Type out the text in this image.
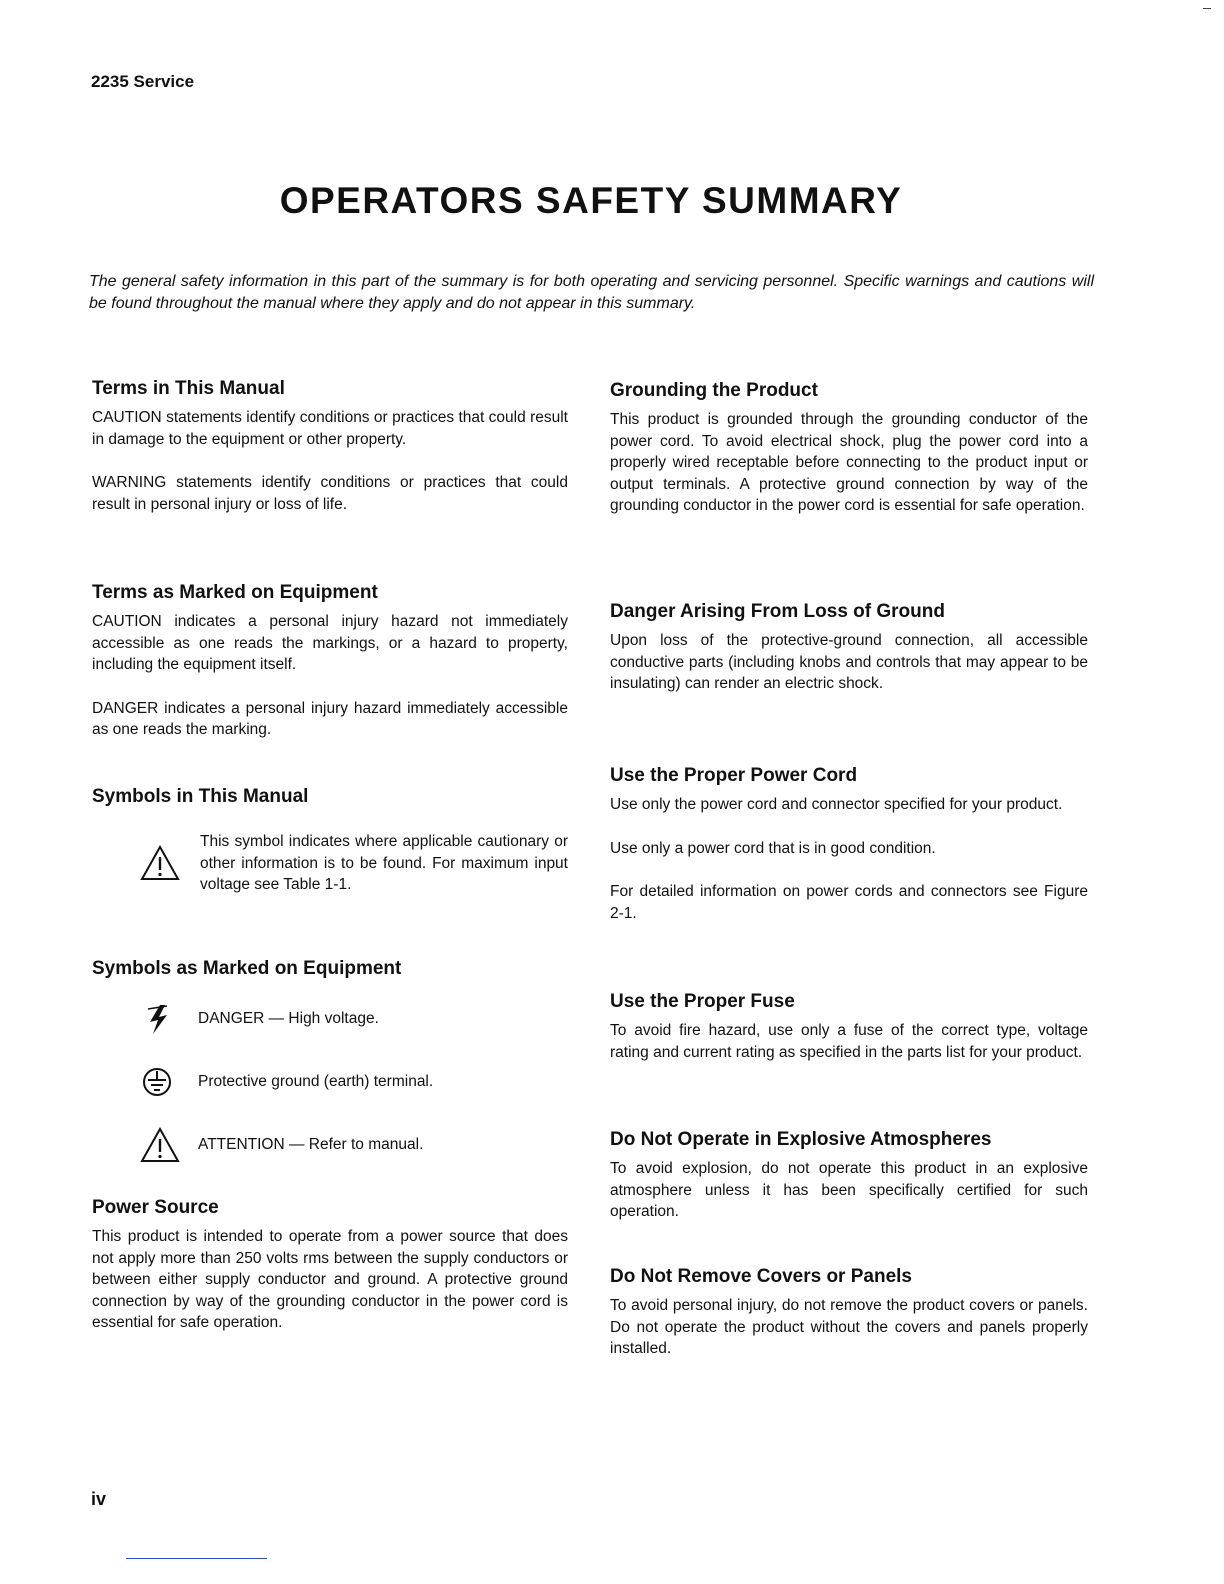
2235 Service
OPERATORS SAFETY SUMMARY
The general safety information in this part of the summary is for both operating and servicing personnel. Specific warnings and cautions will be found throughout the manual where they apply and do not appear in this summary.
Terms in This Manual

CAUTION statements identify conditions or practices that could result in damage to the equipment or other property.

WARNING statements identify conditions or practices that could result in personal injury or loss of life.

Terms as Marked on Equipment

CAUTION indicates a personal injury hazard not immediately accessible as one reads the markings, or a hazard to property, including the equipment itself.

DANGER indicates a personal injury hazard immediately accessible as one reads the marking.

Symbols in This Manual

This symbol indicates where applicable cautionary or other information is to be found. For maximum input voltage see Table 1-1.

Symbols as Marked on Equipment

DANGER — High voltage.

Protective ground (earth) terminal.

ATTENTION — Refer to manual.

Power Source

This product is intended to operate from a power source that does not apply more than 250 volts rms between the supply conductors or between either supply conductor and ground. A protective ground connection by way of the grounding conductor in the power cord is essential for safe operation.

Grounding the Product

This product is grounded through the grounding conductor of the power cord. To avoid electrical shock, plug the power cord into a properly wired receptable before connecting to the product input or output terminals. A protective ground connection by way of the grounding conductor in the power cord is essential for safe operation.

Danger Arising From Loss of Ground

Upon loss of the protective-ground connection, all accessible conductive parts (including knobs and controls that may appear to be insulating) can render an electric shock.

Use the Proper Power Cord

Use only the power cord and connector specified for your product.

Use only a power cord that is in good condition.

For detailed information on power cords and connectors see Figure 2-1.

Use the Proper Fuse

To avoid fire hazard, use only a fuse of the correct type, voltage rating and current rating as specified in the parts list for your product.

Do Not Operate in Explosive Atmospheres

To avoid explosion, do not operate this product in an explosive atmosphere unless it has been specifically certified for such operation.

Do Not Remove Covers or Panels

To avoid personal injury, do not remove the product covers or panels. Do not operate the product without the covers and panels properly installed.

iv
